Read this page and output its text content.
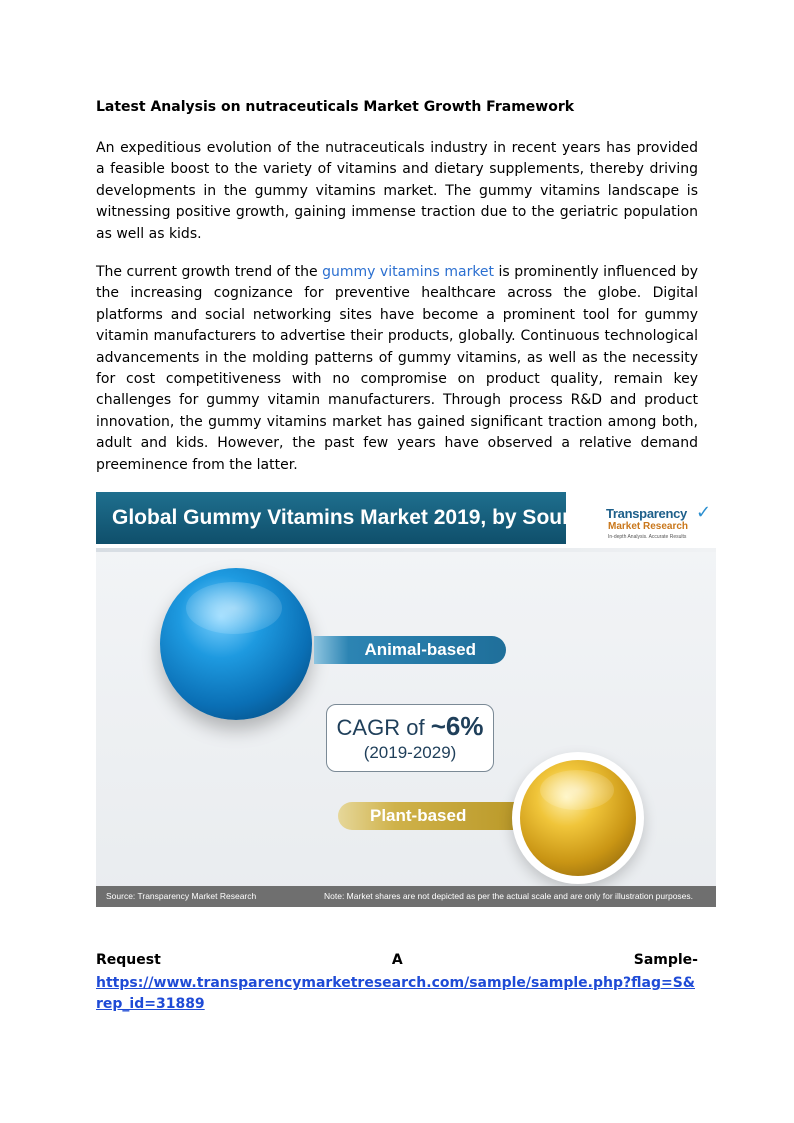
Latest Analysis on nutraceuticals Market Growth Framework

An expeditious evolution of the nutraceuticals industry in recent years has provided a feasible boost to the variety of vitamins and dietary supplements, thereby driving developments in the gummy vitamins market. The gummy vitamins landscape is witnessing positive growth, gaining immense traction due to the geriatric population as well as kids.

The current growth trend of the gummy vitamins market is prominently influenced by the increasing cognizance for preventive healthcare across the globe. Digital platforms and social networking sites have become a prominent tool for gummy vitamin manufacturers to advertise their products, globally. Continuous technological advancements in the molding patterns of gummy vitamins, as well as the necessity for cost competitiveness with no compromise on product quality, remain key challenges for gummy vitamin manufacturers. Through process R&D and product innovation, the gummy vitamins market has gained significant traction among both, adult and kids. However, the past few years have observed a relative demand preeminence from the latter.

Global Gummy Vitamins Market 2019, by Source Transparency ✓
Market Research
In-depth Analysis. Accurate Results
Animal-based
CAGR of ~6%
(2019-2029)
Plant-based
Source: Transparency Market Research	Note: Market shares are not depicted as per the actual scale and are only for illustration purposes.
Request	A	Sample-
https://www.transparencymarketresearch.com/sample/sample.php?flag=S&rep_id=31889
